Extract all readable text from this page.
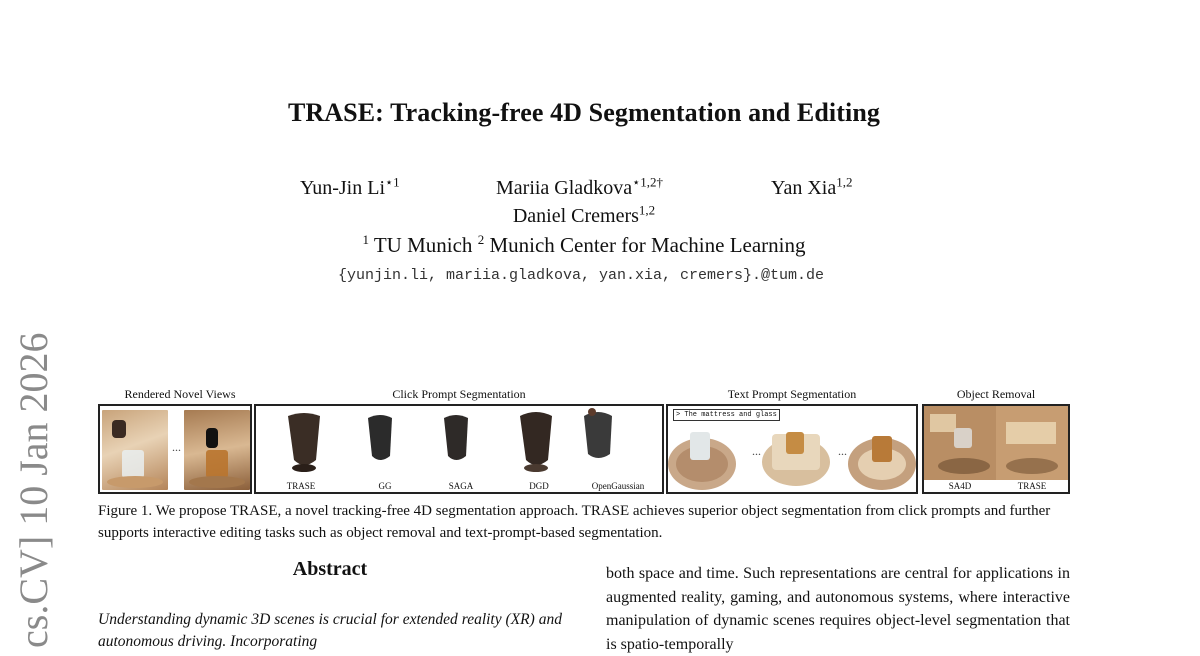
cs.CV] 10 Jan 2026
TRASE: Tracking-free 4D Segmentation and Editing
Yun-Jin $Li^{⋆1}$	Mariia Gladkova$^{⋆1,2\dagger}$	Yan Xia$^{1,2}$
Daniel Cremers$^{1,2}$
$^1$ TU Munich $^2$ Munich Center for Machine Learning
{yunjin.li, mariia.gladkova, yan.xia, cremers}.@tum.de
Rendered Novel Views	Click Prompt Segmentation	Text Prompt Segmentation	Object Removal
...
TRASE	GG	SAGA	DGD	OpenGaussian
> The mattress and glass
...	...
SA4D	TRASE
Figure 1. We propose TRASE, a novel tracking-free 4D segmentation approach. TRASE achieves superior object segmentation from click prompts and further supports interactive editing tasks such as object removal and text-prompt-based segmentation.
Abstract
Understanding dynamic 3D scenes is crucial for extended reality (XR) and autonomous driving. Incorporating
both space and time. Such representations are central for applications in augmented reality, gaming, and autonomous systems, where interactive manipulation of dynamic scenes requires object-level segmentation that is spatio-temporally
